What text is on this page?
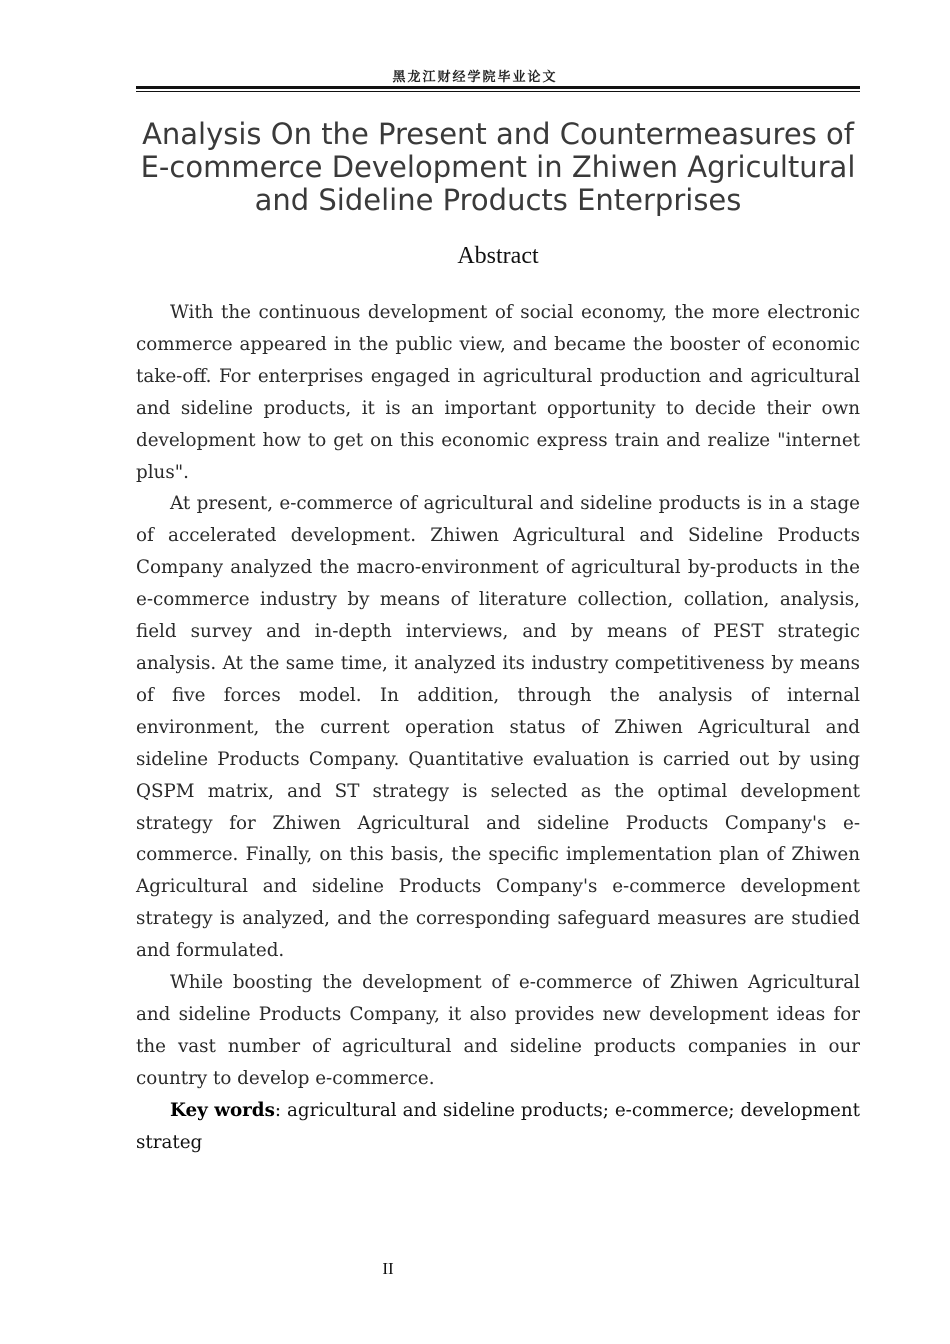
黑龙江财经学院毕业论文
Analysis On the Present and Countermeasures of E-commerce Development in Zhiwen Agricultural and Sideline Products Enterprises
Abstract

With the continuous development of social economy, the more electronic commerce appeared in the public view, and became the booster of economic take-off. For enterprises engaged in agricultural production and agricultural and sideline products, it is an important opportunity to decide their own development how to get on this economic express train and realize "internet plus".

At present, e-commerce of agricultural and sideline products is in a stage of accelerated development. Zhiwen Agricultural and Sideline Products Company analyzed the macro-environment of agricultural by-products in the e-commerce industry by means of literature collection, collation, analysis, field survey and in-depth interviews, and by means of PEST strategic analysis. At the same time, it analyzed its industry competitiveness by means of five forces model. In addition, through the analysis of internal environment, the current operation status of Zhiwen Agricultural and sideline Products Company. Quantitative evaluation is carried out by using QSPM matrix, and ST strategy is selected as the optimal development strategy for Zhiwen Agricultural and sideline Products Company's e-commerce. Finally, on this basis, the specific implementation plan of Zhiwen Agricultural and sideline Products Company's e-commerce development strategy is analyzed, and the corresponding safeguard measures are studied and formulated.

While boosting the development of e-commerce of Zhiwen Agricultural and sideline Products Company, it also provides new development ideas for the vast number of agricultural and sideline products companies in our country to develop e-commerce.

Key words: agricultural and sideline products; e-commerce; development strateg

II
